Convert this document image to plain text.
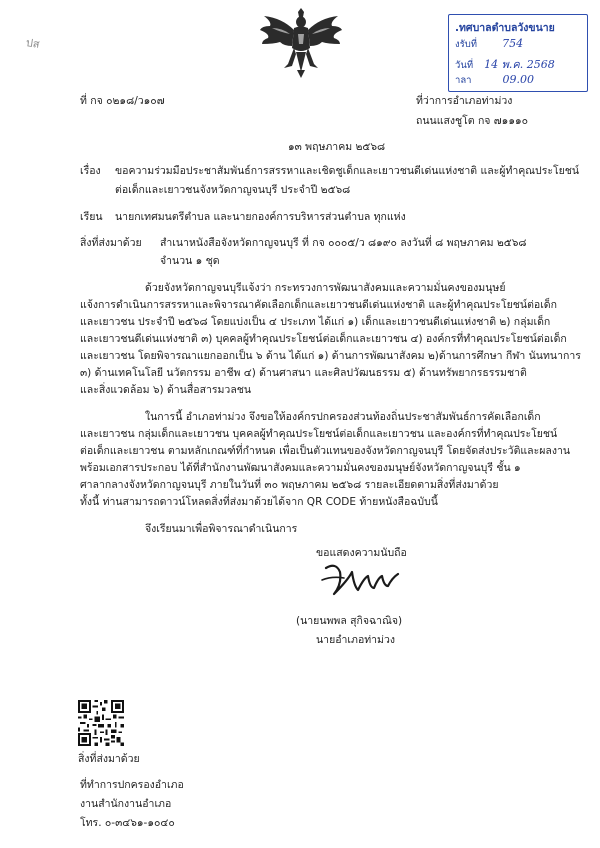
ปส
.ทศบาลตำบลวังขนาย
งรับที่ 754
วันที่ 14 พ.ค. 2568
าลา	09.00
ที่ กจ ๐๒๑๘/ว๑๐๗	ที่ว่าการอำเภอท่าม่วง
ถนนแสงชูโต กจ ๗๑๑๑๐
๑๓ พฤษภาคม ๒๕๖๘
เรื่อง ขอความร่วมมือประชาสัมพันธ์การสรรหาและเชิดชูเด็กและเยาวชนดีเด่นแห่งชาติ และผู้ทำคุณประโยชน์
ต่อเด็กและเยาวชนจังหวัดกาญจนบุรี ประจำปี ๒๕๖๘
เรียน นายกเทศมนตรีตำบล และนายกองค์การบริหารส่วนตำบล ทุกแห่ง
สิ่งที่ส่งมาด้วย สำเนาหนังสือจังหวัดกาญจนบุรี ที่ กจ ๐๐๐๕/ว ๘๑๙๐ ลงวันที่ ๘ พฤษภาคม ๒๕๖๘
จำนวน ๑ ชุด
ด้วยจังหวัดกาญจนบุรีแจ้งว่า กระทรวงการพัฒนาสังคมและความมั่นคงของมนุษย์
แจ้งการดำเนินการสรรหาและพิจารณาคัดเลือกเด็กและเยาวชนดีเด่นแห่งชาติ และผู้ทำคุณประโยชน์ต่อเด็ก
และเยาวชน ประจำปี ๒๕๖๘ โดยแบ่งเป็น ๔ ประเภท ได้แก่ ๑) เด็กและเยาวชนดีเด่นแห่งชาติ ๒) กลุ่มเด็ก
และเยาวชนดีเด่นแห่งชาติ ๓) บุคคลผู้ทำคุณประโยชน์ต่อเด็กและเยาวชน ๔) องค์กรที่ทำคุณประโยชน์ต่อเด็ก
และเยาวชน โดยพิจารณาแยกออกเป็น ๖ ด้าน ได้แก่ ๑) ด้านการพัฒนาสังคม ๒)ด้านการศึกษา กีฬา นันทนาการ
๓) ด้านเทคโนโลยี นวัตกรรม อาชีพ ๔) ด้านศาสนา และศิลปวัฒนธรรม ๕) ด้านทรัพยากรธรรมชาติ
และสิ่งแวดล้อม ๖) ด้านสื่อสารมวลชน
ในการนี้ อำเภอท่าม่วง จึงขอให้องค์กรปกครองส่วนท้องถิ่นประชาสัมพันธ์การคัดเลือกเด็ก
และเยาวชน กลุ่มเด็กและเยาวชน บุคคลผู้ทำคุณประโยชน์ต่อเด็กและเยาวชน และองค์กรที่ทำคุณประโยชน์
ต่อเด็กและเยาวชน ตามหลักเกณฑ์ที่กำหนด เพื่อเป็นตัวแทนของจังหวัดกาญจนบุรี โดยจัดส่งประวัติและผลงาน
พร้อมเอกสารประกอบ ได้ที่สำนักงานพัฒนาสังคมและความมั่นคงของมนุษย์จังหวัดกาญจนบุรี ชั้น ๑
ศาลากลางจังหวัดกาญจนบุรี ภายในวันที่ ๓๐ พฤษภาคม ๒๕๖๘ รายละเอียดตามสิ่งที่ส่งมาด้วย
ทั้งนี้ ท่านสามารถดาวน์โหลดสิ่งที่ส่งมาด้วยได้จาก QR CODE ท้ายหนังสือฉบับนี้
จึงเรียนมาเพื่อพิจารณาดำเนินการ
ขอแสดงความนับถือ
(นายนพพล สุกิจฉาณิจ)
นายอำเภอท่าม่วง
สิ่งที่ส่งมาด้วย
ที่ทำการปกครองอำเภอ
งานสำนักงานอำเภอ
โทร. ๐-๓๔๖๑-๑๐๔๐
